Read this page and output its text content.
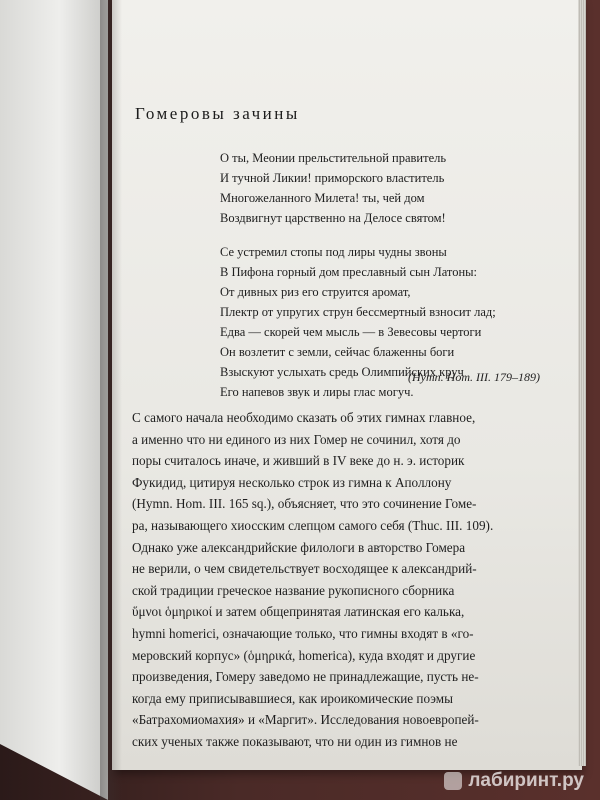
Гомеровы зачины
О ты, Меонии прельстительной правитель
И тучной Ликии! приморского властитель
Многожеланного Милета! ты, чей дом
Воздвигнут царственно на Делосе святом!
Се устремил стопы под лиры чудны звоны
В Пифона горный дом преславный сын Латоны:
От дивных риз его струится аромат,
Плектр от упругих струн бессмертный взносит лад;
Едва — скорей чем мысль — в Зевесовы чертоги
Он возлетит с земли, сейчас блаженны боги
Взыскуют услыхать средь Олимпийских круч
Его напевов звук и лиры глас могуч.
(Hymn. Hom. III. 179–189)
С самого начала необходимо сказать об этих гимнах главное,
а именно что ни единого из них Гомер не сочинил, хотя до
поры считалось иначе, и живший в IV веке до н. э. историк
Фукидид, цитируя несколько строк из гимна к Аполлону
(Hymn. Hom. III. 165 sq.), объясняет, что это сочинение Гоме-
ра, называющего хиосским слепцом самого себя (Thuc. III. 109).
Однако уже александрийские филологи в авторство Гомера
не верили, о чем свидетельствует восходящее к александрий-
ской традиции греческое название рукописного сборника
ὕμνοι ὁμηρικοί и затем общепринятая латинская его калька,
hymni homerici, означающие только, что гимны входят в «го-
меровский корпус» (ὁμηρικά, homerica), куда входят и другие
произведения, Гомеру заведомо не принадлежащие, пусть не-
когда ему приписывавшиеся, как ироикомические поэмы
«Батрахомиомахия» и «Маргит». Исследования новоевропей-
ских ученых также показывают, что ни один из гимнов не
лабиринт.ру
